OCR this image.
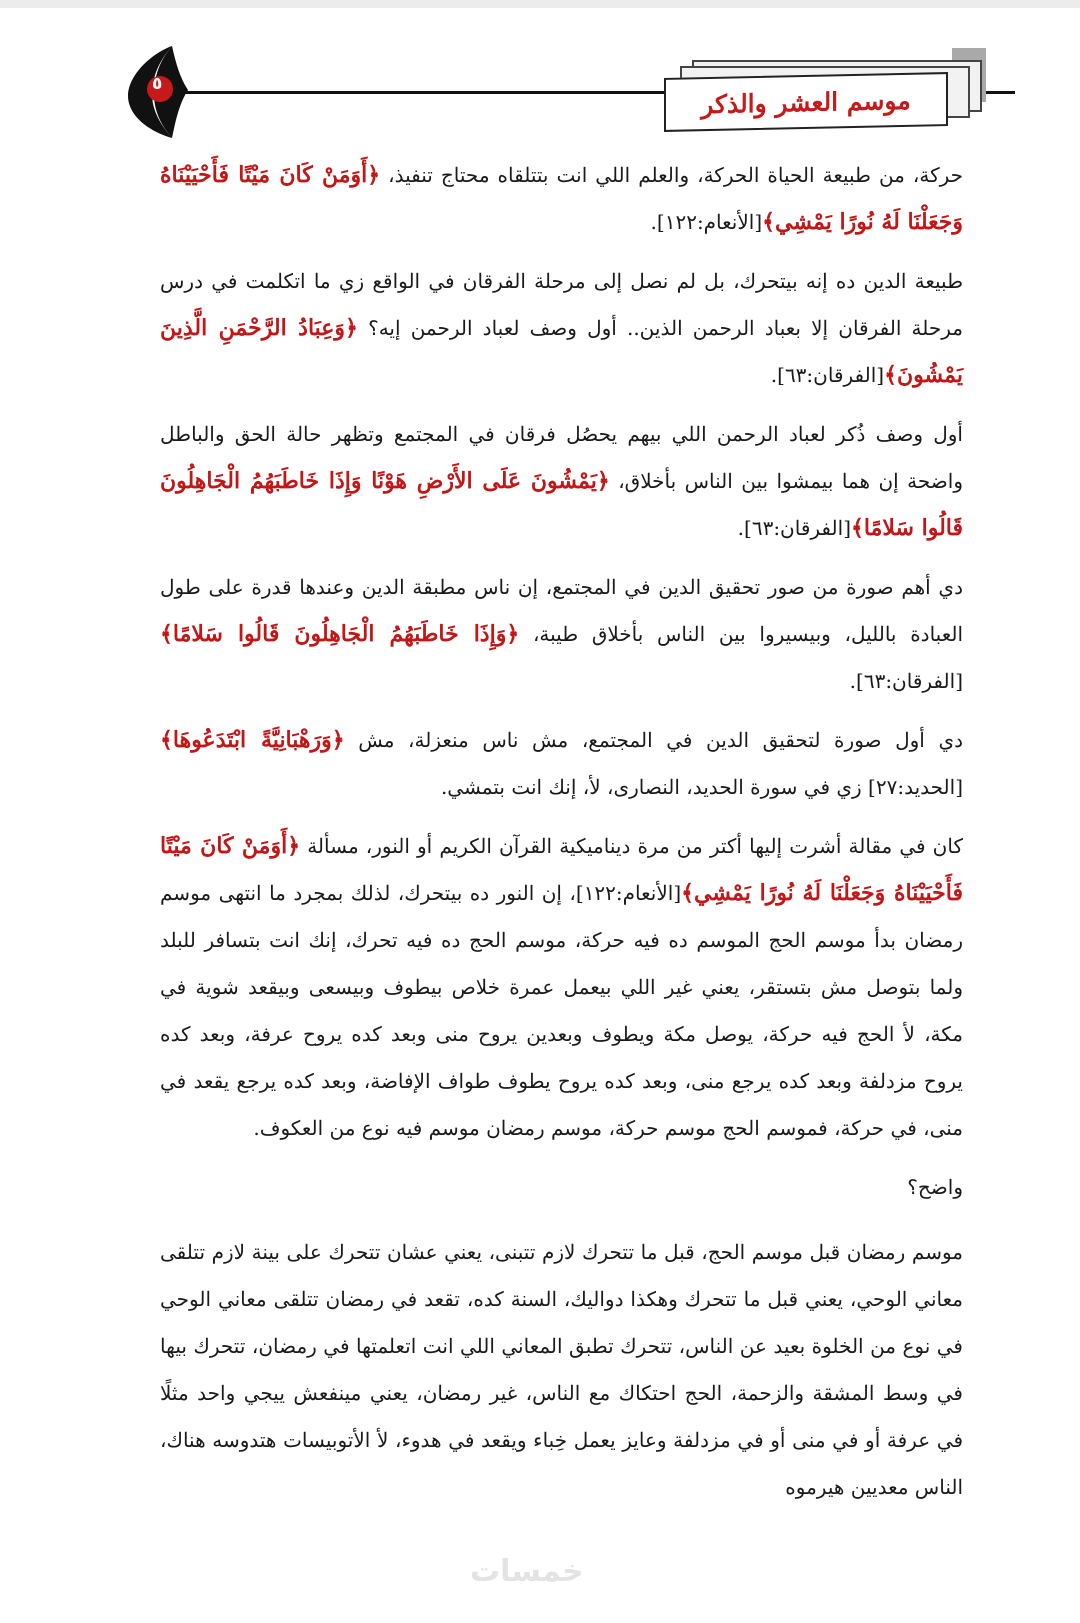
موسم العشر والذكر
٥

حركة، من طبيعة الحياة الحركة، والعلم اللي انت بتتلقاه محتاج تنفيذ، ﴿أَوَمَنْ كَانَ مَيْتًا فَأَحْيَيْنَاهُ وَجَعَلْنَا لَهُ نُورًا يَمْشِي﴾[الأنعام:١٢٢].

طبيعة الدين ده إنه بيتحرك، بل لم نصل إلى مرحلة الفرقان في الواقع زي ما اتكلمت في درس مرحلة الفرقان إلا بعباد الرحمن الذين.. أول وصف لعباد الرحمن إيه؟ ﴿وَعِبَادُ الرَّحْمَنِ الَّذِينَ يَمْشُونَ﴾[الفرقان:٦٣].

أول وصف ذُكر لعباد الرحمن اللي بيهم يحصُل فرقان في المجتمع وتظهر حالة الحق والباطل واضحة إن هما بيمشوا بين الناس بأخلاق، ﴿يَمْشُونَ عَلَى الأَرْضِ هَوْنًا وَإِذَا خَاطَبَهُمُ الْجَاهِلُونَ قَالُوا سَلامًا﴾[الفرقان:٦٣].

دي أهم صورة من صور تحقيق الدين في المجتمع، إن ناس مطبقة الدين وعندها قدرة على طول العبادة بالليل، وبيسيروا بين الناس بأخلاق طيبة، ﴿وَإِذَا خَاطَبَهُمُ الْجَاهِلُونَ قَالُوا سَلامًا﴾[الفرقان:٦٣].

دي أول صورة لتحقيق الدين في المجتمع، مش ناس منعزلة، مش ﴿وَرَهْبَانِيَّةً ابْتَدَعُوهَا﴾[الحديد:٢٧] زي في سورة الحديد، النصارى، لأ، إنك انت بتمشي.

كان في مقالة أشرت إليها أكتر من مرة ديناميكية القرآن الكريم أو النور، مسألة ﴿أَوَمَنْ كَانَ مَيْتًا فَأَحْيَيْنَاهُ وَجَعَلْنَا لَهُ نُورًا يَمْشِي﴾[الأنعام:١٢٢]، إن النور ده بيتحرك، لذلك بمجرد ما انتهى موسم رمضان بدأ موسم الحج الموسم ده فيه حركة، موسم الحج ده فيه تحرك، إنك انت بتسافر للبلد ولما بتوصل مش بتستقر، يعني غير اللي بيعمل عمرة خلاص بيطوف وبيسعى وبيقعد شوية في مكة، لأ الحج فيه حركة، يوصل مكة ويطوف وبعدين يروح منى وبعد كده يروح عرفة، وبعد كده يروح مزدلفة وبعد كده يرجع منى، وبعد كده يروح يطوف طواف الإفاضة، وبعد كده يرجع يقعد في منى، في حركة، فموسم الحج موسم حركة، موسم رمضان موسم فيه نوع من العكوف.

واضح؟

موسم رمضان قبل موسم الحج، قبل ما تتحرك لازم تتبنى، يعني عشان تتحرك على بينة لازم تتلقى معاني الوحي، يعني قبل ما تتحرك وهكذا دواليك، السنة كده، تقعد في رمضان تتلقى معاني الوحي في نوع من الخلوة بعيد عن الناس، تتحرك تطبق المعاني اللي انت اتعلمتها في رمضان، تتحرك بيها في وسط المشقة والزحمة، الحج احتكاك مع الناس، غير رمضان، يعني مينفعش ييجي واحد مثلًا في عرفة أو في منى أو في مزدلفة وعايز يعمل خِباء ويقعد في هدوء، لأ الأتوبيسات هتدوسه هناك، الناس معديين هيرموه

خمسات
